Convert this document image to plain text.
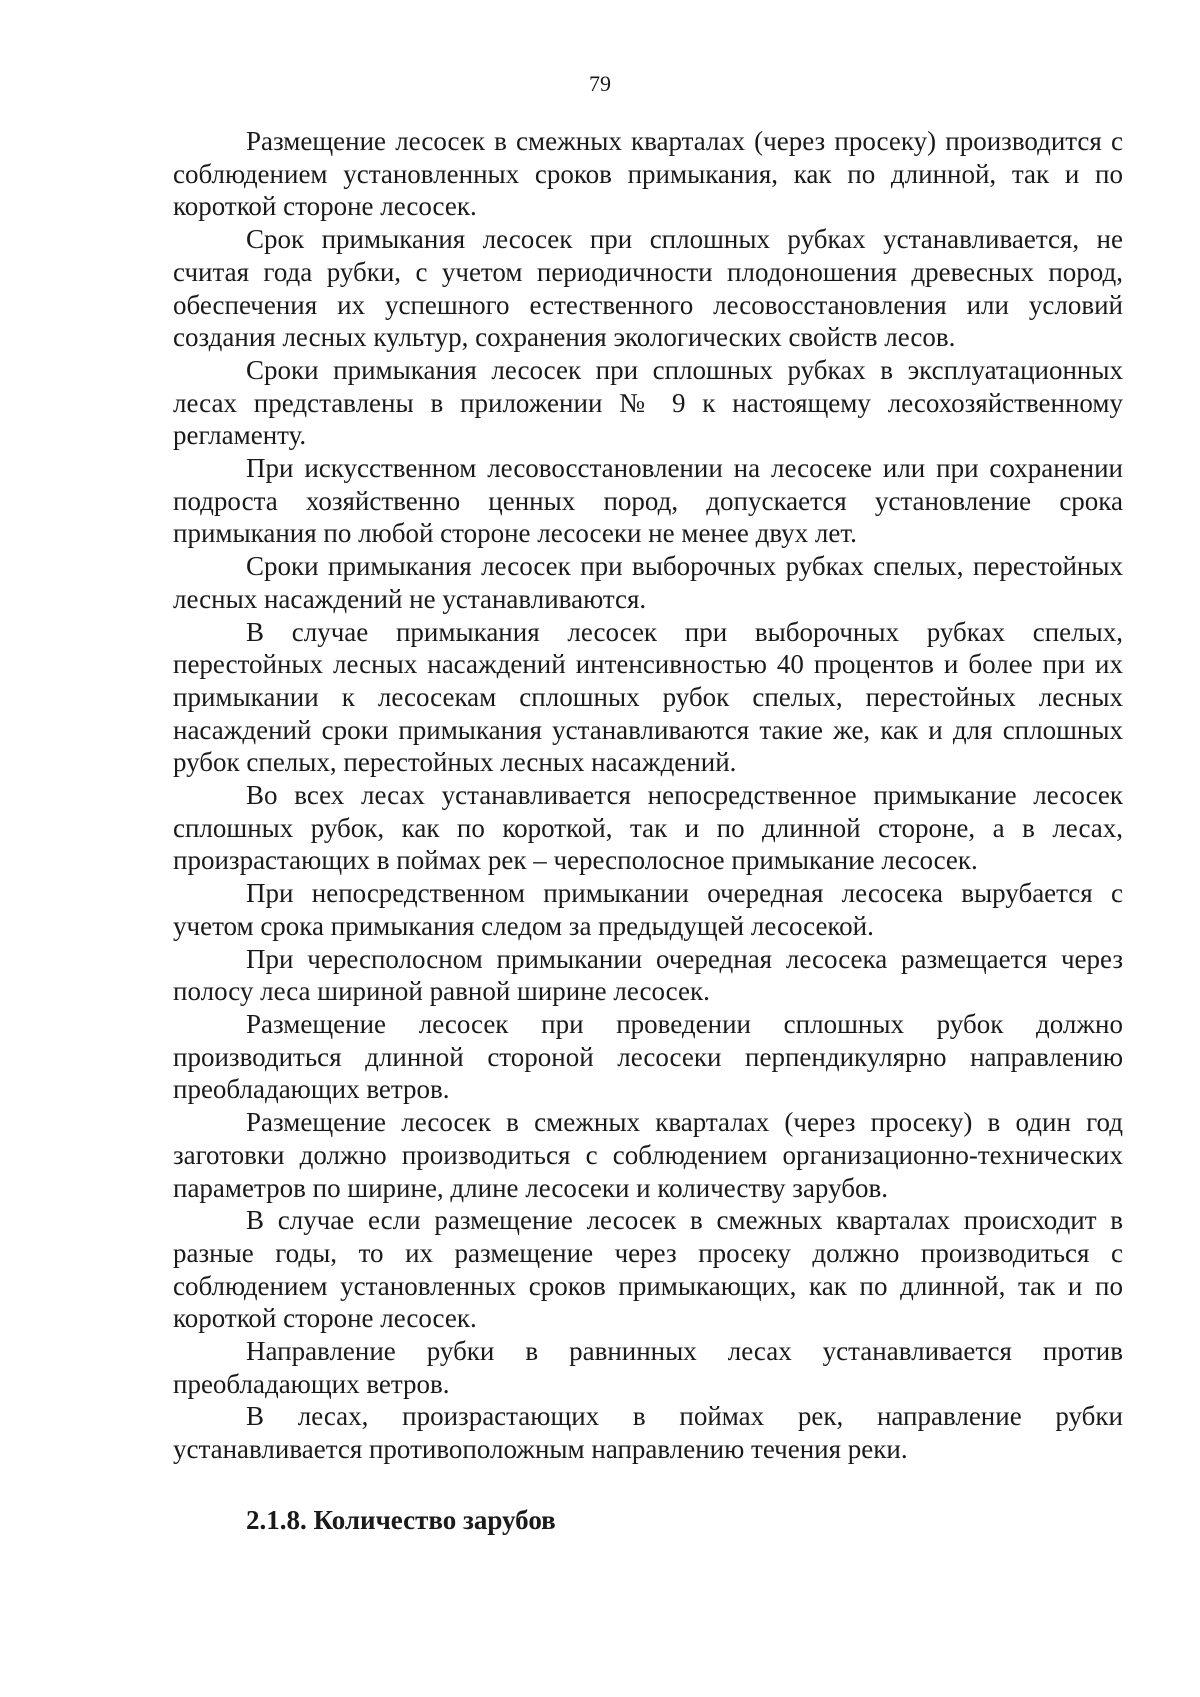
79

Размещение лесосек в смежных кварталах (через просеку) производится с соблюдением установленных сроков примыкания, как по длинной, так и по короткой стороне лесосек.

Срок примыкания лесосек при сплошных рубках устанавливается, не считая года рубки, с учетом периодичности плодоношения древесных пород, обеспечения их успешного естественного лесовосстановления или условий создания лесных культур, сохранения экологических свойств лесов.

Сроки примыкания лесосек при сплошных рубках в эксплуатационных лесах представлены в приложении № 9 к настоящему лесохозяйственному регламенту.

При искусственном лесовосстановлении на лесосеке или при сохранении подроста хозяйственно ценных пород, допускается установление срока примыкания по любой стороне лесосеки не менее двух лет.

Сроки примыкания лесосек при выборочных рубках спелых, перестойных лесных насаждений не устанавливаются.

В случае примыкания лесосек при выборочных рубках спелых, перестойных лесных насаждений интенсивностью 40 процентов и более при их примыкании к лесосекам сплошных рубок спелых, перестойных лесных насаждений сроки примыкания устанавливаются такие же, как и для сплошных рубок спелых, перестойных лесных насаждений.

Во всех лесах устанавливается непосредственное примыкание лесосек сплошных рубок, как по короткой, так и по длинной стороне, а в лесах, произрастающих в поймах рек – чересполосное примыкание лесосек.

При непосредственном примыкании очередная лесосека вырубается с учетом срока примыкания следом за предыдущей лесосекой.

При чересполосном примыкании очередная лесосека размещается через полосу леса шириной равной ширине лесосек.

Размещение лесосек при проведении сплошных рубок должно производиться длинной стороной лесосеки перпендикулярно направлению преобладающих ветров.

Размещение лесосек в смежных кварталах (через просеку) в один год заготовки должно производиться с соблюдением организационно-технических параметров по ширине, длине лесосеки и количеству зарубов.

В случае если размещение лесосек в смежных кварталах происходит в разные годы, то их размещение через просеку должно производиться с соблюдением установленных сроков примыкающих, как по длинной, так и по короткой стороне лесосек.

Направление рубки в равнинных лесах устанавливается против преобладающих ветров.

В лесах, произрастающих в поймах рек, направление рубки устанавливается противоположным направлению течения реки.

2.1.8. Количество зарубов
